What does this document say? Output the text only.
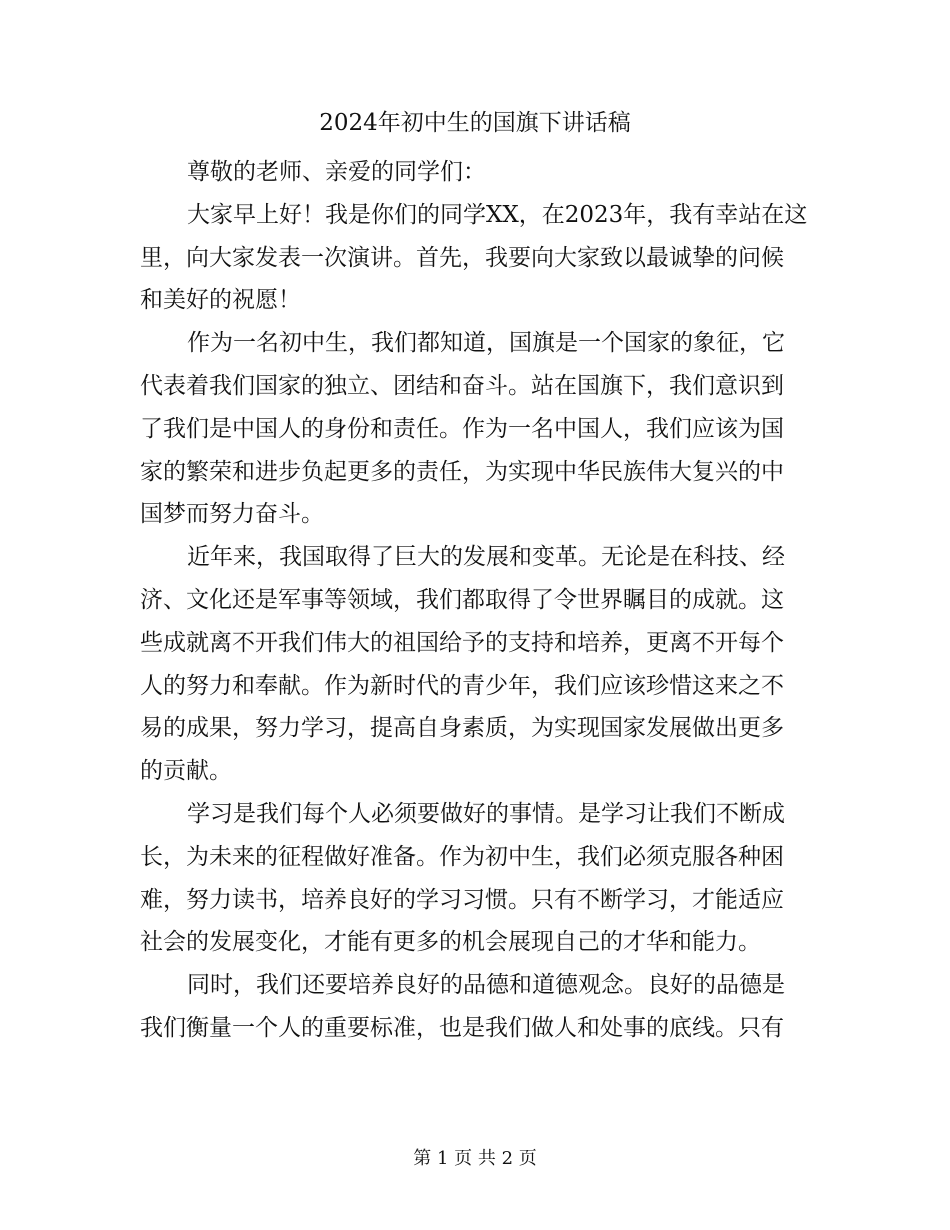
2024年初中生的国旗下讲话稿
尊敬的老师、亲爱的同学们：
大家早上好！我是你们的同学XX，在2023年，我有幸站在这
里，向大家发表一次演讲。首先，我要向大家致以最诚挚的问候
和美好的祝愿！
作为一名初中生，我们都知道，国旗是一个国家的象征，它
代表着我们国家的独立、团结和奋斗。站在国旗下，我们意识到
了我们是中国人的身份和责任。作为一名中国人，我们应该为国
家的繁荣和进步负起更多的责任，为实现中华民族伟大复兴的中
国梦而努力奋斗。
近年来，我国取得了巨大的发展和变革。无论是在科技、经
济、文化还是军事等领域，我们都取得了令世界瞩目的成就。这
些成就离不开我们伟大的祖国给予的支持和培养，更离不开每个
人的努力和奉献。作为新时代的青少年，我们应该珍惜这来之不
易的成果，努力学习，提高自身素质，为实现国家发展做出更多
的贡献。
学习是我们每个人必须要做好的事情。是学习让我们不断成
长，为未来的征程做好准备。作为初中生，我们必须克服各种困
难，努力读书，培养良好的学习习惯。只有不断学习，才能适应
社会的发展变化，才能有更多的机会展现自己的才华和能力。
同时，我们还要培养良好的品德和道德观念。良好的品德是
我们衡量一个人的重要标准，也是我们做人和处事的底线。只有
第 1 页 共 2 页
